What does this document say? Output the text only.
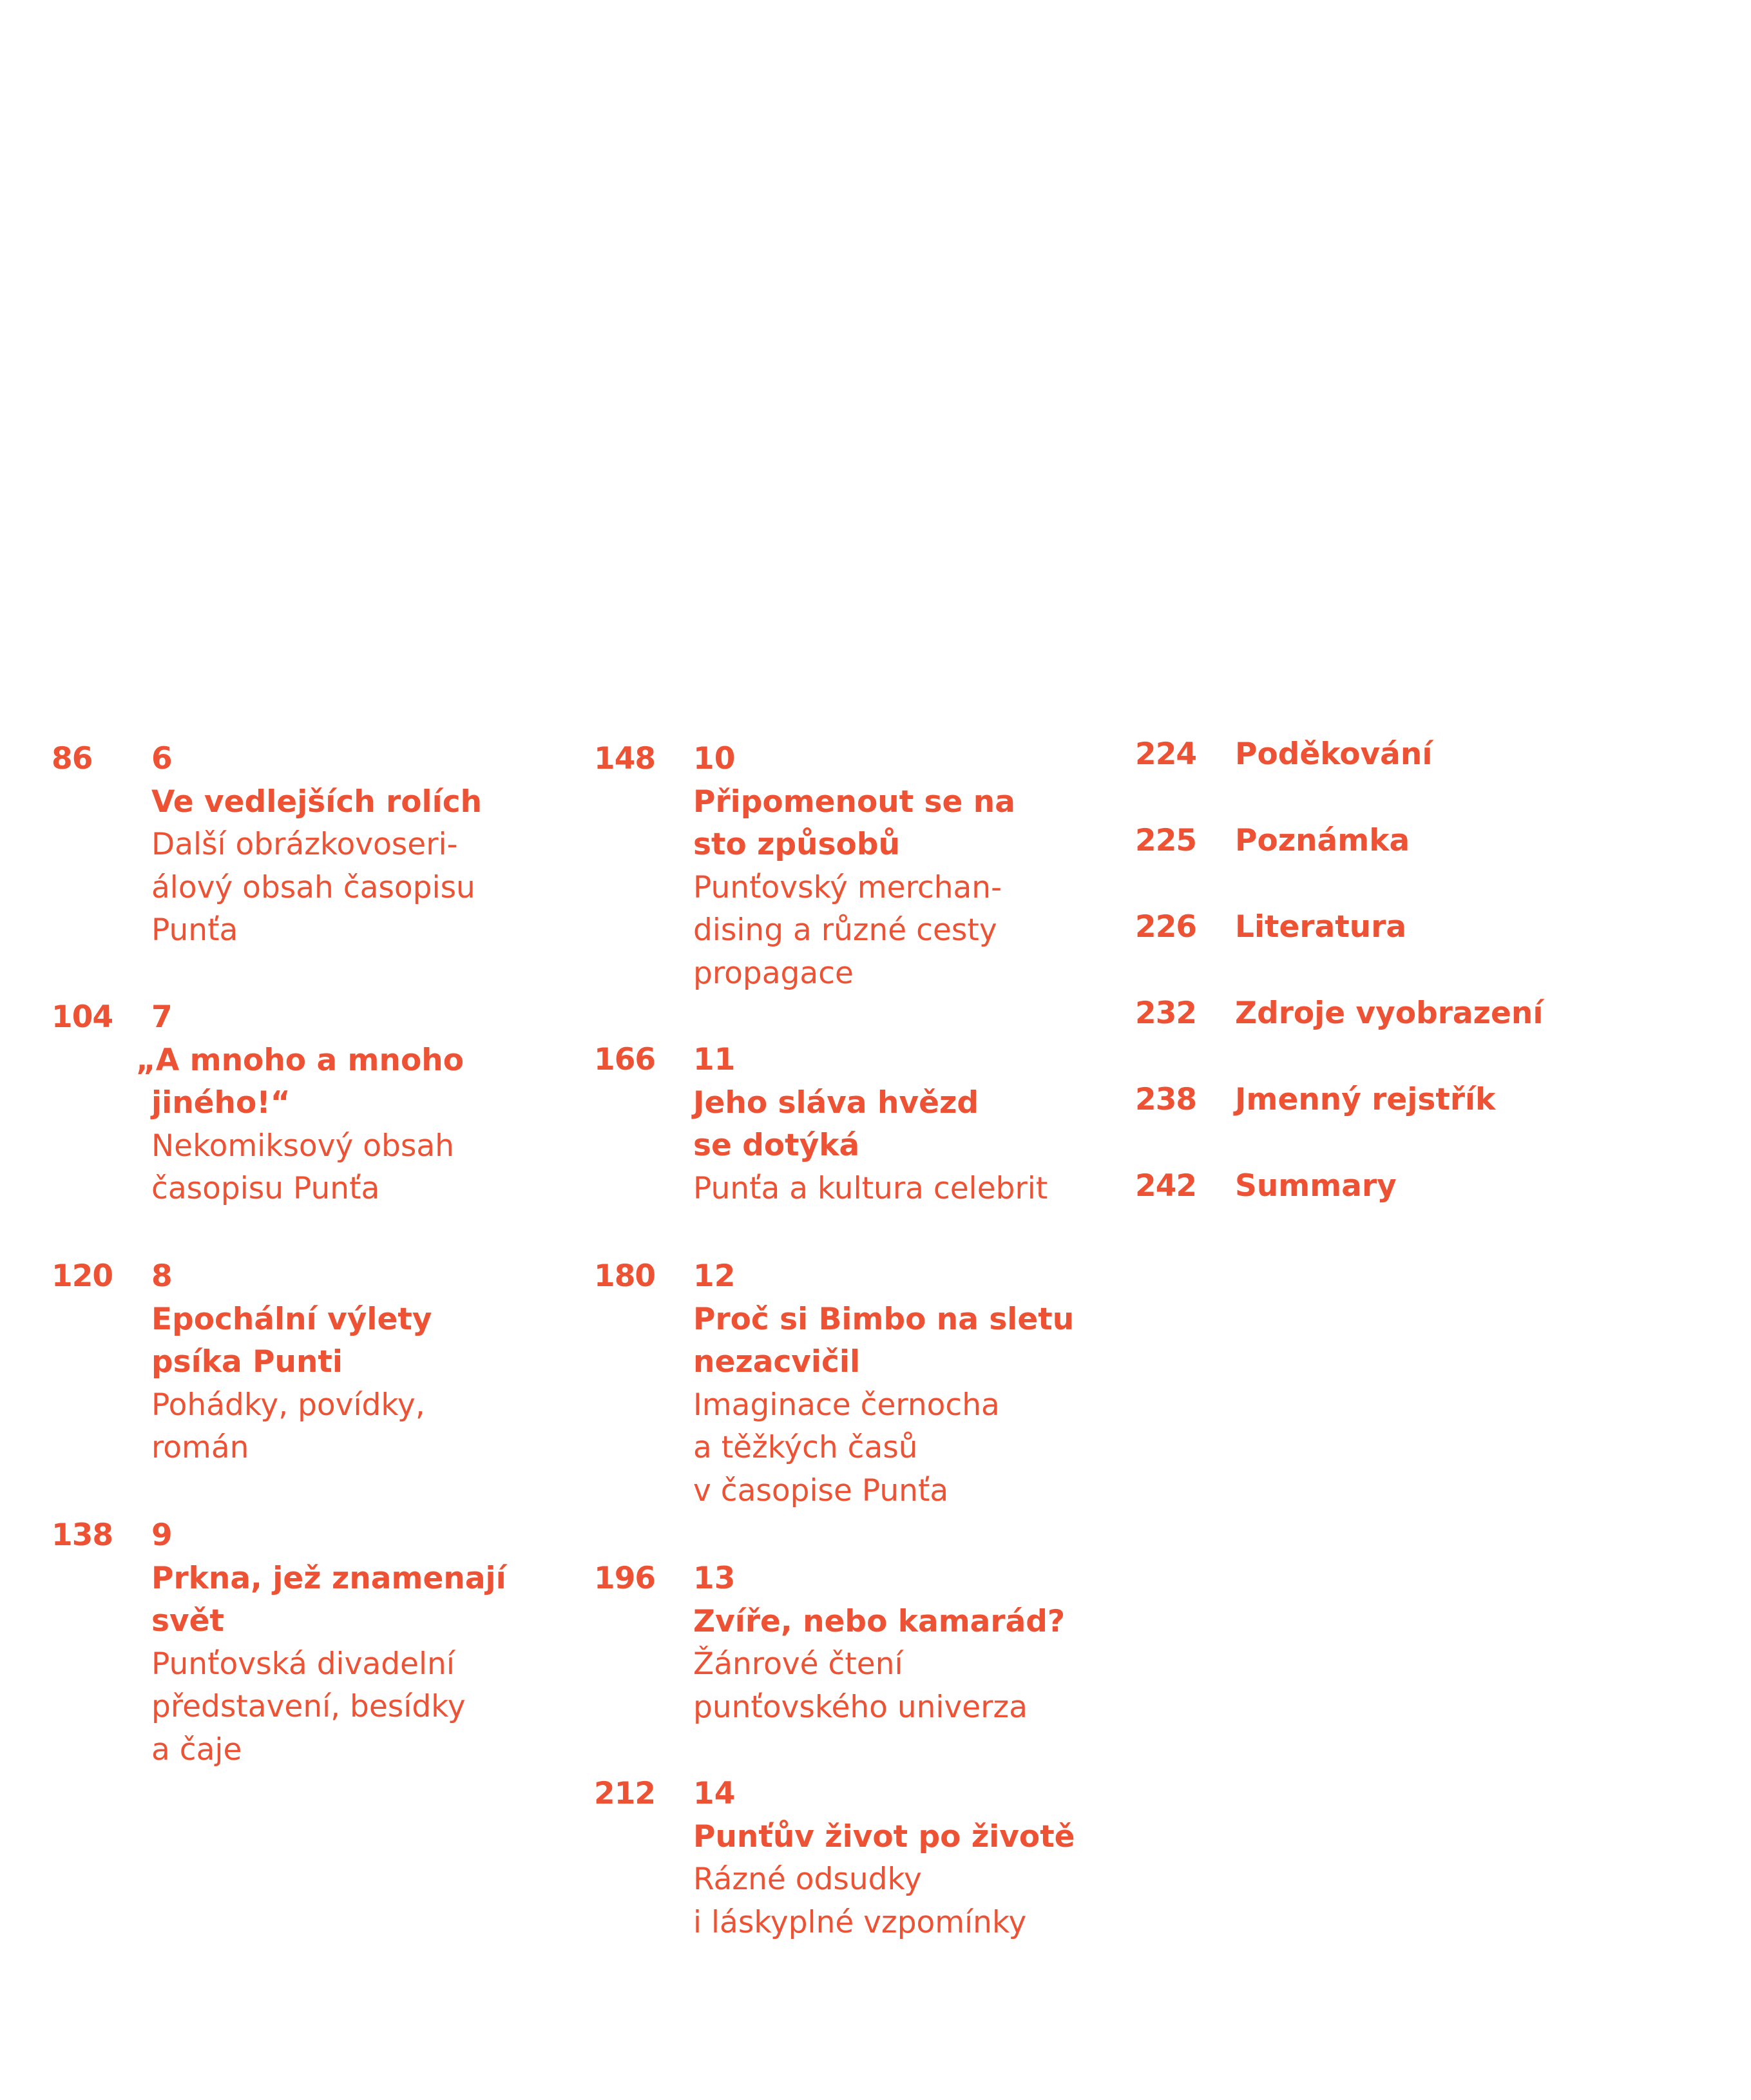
86 6
Ve vedlejších rolích
Další obrázkovoseri-
álový obsah časopisu
Punťa
104 7
„A mnoho a mnoho
jiného!“
Nekomiksový obsah
časopisu Punťa
120 8
Epochální výlety
psíka Punti
Pohádky, povídky,
román
138 9
Prkna, jež znamenají
svět
Punťovská divadelní
představení, besídky
a čaje
148 10
Připomenout se na
sto způsobů
Punťovský merchan-
dising a různé cesty
propagace
166 11
Jeho sláva hvězd
se dotýká
Punťa a kultura celebrit
180 12
Proč si Bimbo na sletu
nezacvičil
Imaginace černocha
a těžkých časů
v časopise Punťa
196 13
Zvíře, nebo kamarád?
Žánrové čtení
punťovského univerza
212 14
Punťův život po životě
Rázné odsudky
i láskyplné vzpomínky
224 Poděkování
225 Poznámka
226 Literatura
232 Zdroje vyobrazení
238 Jmenný rejstřík
242 Summary
